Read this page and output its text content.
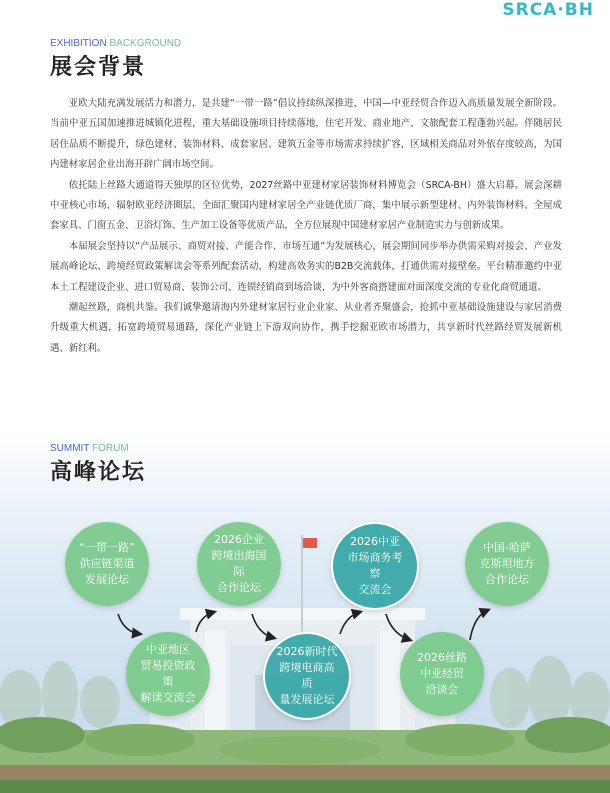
SRCA·BH
EXHIBITION BACKGROUND
展会背景

亚欧大陆充满发展活力和潜力，是共建“一带一路”倡议持续纵深推进，中国—中亚经贸合作迈入高质量发展全新阶段。当前中亚五国加速推进城镇化进程，重大基础设施项目持续落地，住宅开发、商业地产、文旅配套工程蓬勃兴起。伴随居民居住品质不断提升，绿色建材、装饰材料、成套家居、建筑五金等市场需求持续扩容，区域相关商品对外依存度较高，为国内建材家居企业出海开辟广阔市场空间。

依托陆上丝路大通道得天独厚的区位优势，2027丝路中亚建材家居装饰材料博览会（SRCA-BH）盛大启幕。展会深耕中亚核心市场，辐射欧亚经济圈层，全面汇聚国内建材家居全产业链优质厂商，集中展示新型建材、内外装饰材料、全屋成套家具、门窗五金、卫浴灯饰、生产加工设备等优质产品，全方位展现中国建材家居产业制造实力与创新成果。

本届展会坚持以“产品展示、商贸对接、产能合作、市场互通”为发展核心，展会期间同步举办供需采购对接会、产业发展高峰论坛、跨境经贸政策解读会等系列配套活动，构建高效务实的B2B交流载体，打通供需对接壁垒。平台精准邀约中亚本土工程建设企业、进口贸易商、装饰公司、连锁经销商到场洽谈，为中外客商搭建面对面深度交流的专业化商贸通道。

潮起丝路，商机共鉴。我们诚挚邀请海内外建材家居行业企业家、从业者齐聚盛会，抢抓中亚基础设施建设与家居消费升级重大机遇，拓宽跨境贸易通路，深化产业链上下游双向协作，携手挖掘亚欧市场潜力，共享新时代丝路经贸发展新机遇、新红利。

SUMMIT FORUM
高峰论坛
“一带一路”
供应链渠道
发展论坛
中亚地区
贸易投资政策
解读交流会
2026企业
跨境出海国际
合作论坛
2026新时代
跨境电商高质
量发展论坛
2026中亚
市场商务考察
交流会
2026丝路
中亚经贸
洽谈会
中国-哈萨
克斯坦地方
合作论坛
